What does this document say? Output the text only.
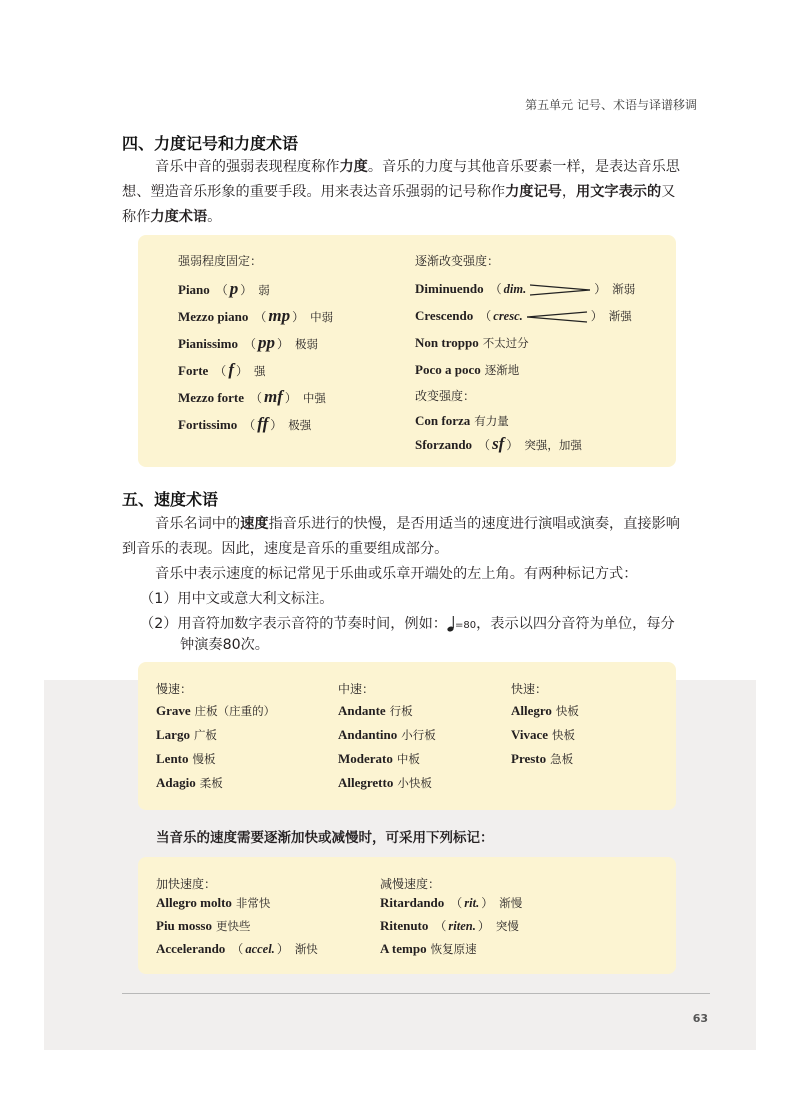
第五单元 记号、术语与译谱移调
四、力度记号和力度术语
音乐中音的强弱表现程度称作力度。音乐的力度与其他音乐要素一样，是表达音乐思
想、塑造音乐形象的重要手段。用来表达音乐强弱的记号称作力度记号，用文字表示的又
称作力度术语。
强弱程度固定：
Piano （ p ） 弱
Mezzo piano （ mp ） 中弱
Pianissimo （ pp ） 极弱
Forte （ f ） 强
Mezzo forte （ mf ） 中强
Fortissimo （ ff ） 极强
逐渐改变强度：
Diminuendo （ dim.	） 渐弱
Crescendo （ cresc.	） 渐强
Non troppo 不太过分
Poco a poco 逐渐地
改变强度：
Con forza 有力量
Sforzando （ sf ） 突强，加强
五、速度术语
音乐名词中的速度指音乐进行的快慢，是否用适当的速度进行演唱或演奏，直接影响
到音乐的表现。因此，速度是音乐的重要组成部分。
音乐中表示速度的标记常见于乐曲或乐章开端处的左上角。有两种标记方式：
（1）用中文或意大利文标注。
（2）用音符加数字表示音符的节奏时间，例如： =80，表示以四分音符为单位，每分
钟演奏80次。
慢速：
Grave 庄板（庄重的）
Largo 广板
Lento 慢板
Adagio 柔板
中速：
Andante 行板
Andantino 小行板
Moderato 中板
Allegretto 小快板
快速：
Allegro 快板
Vivace 快板
Presto 急板
当音乐的速度需要逐渐加快或减慢时，可采用下列标记：
加快速度：
Allegro molto 非常快
Piu mosso 更快些
Accelerando （ accel. ） 渐快
减慢速度：
Ritardando （ rit. ） 渐慢
Ritenuto （ riten. ） 突慢
A tempo 恢复原速
63
